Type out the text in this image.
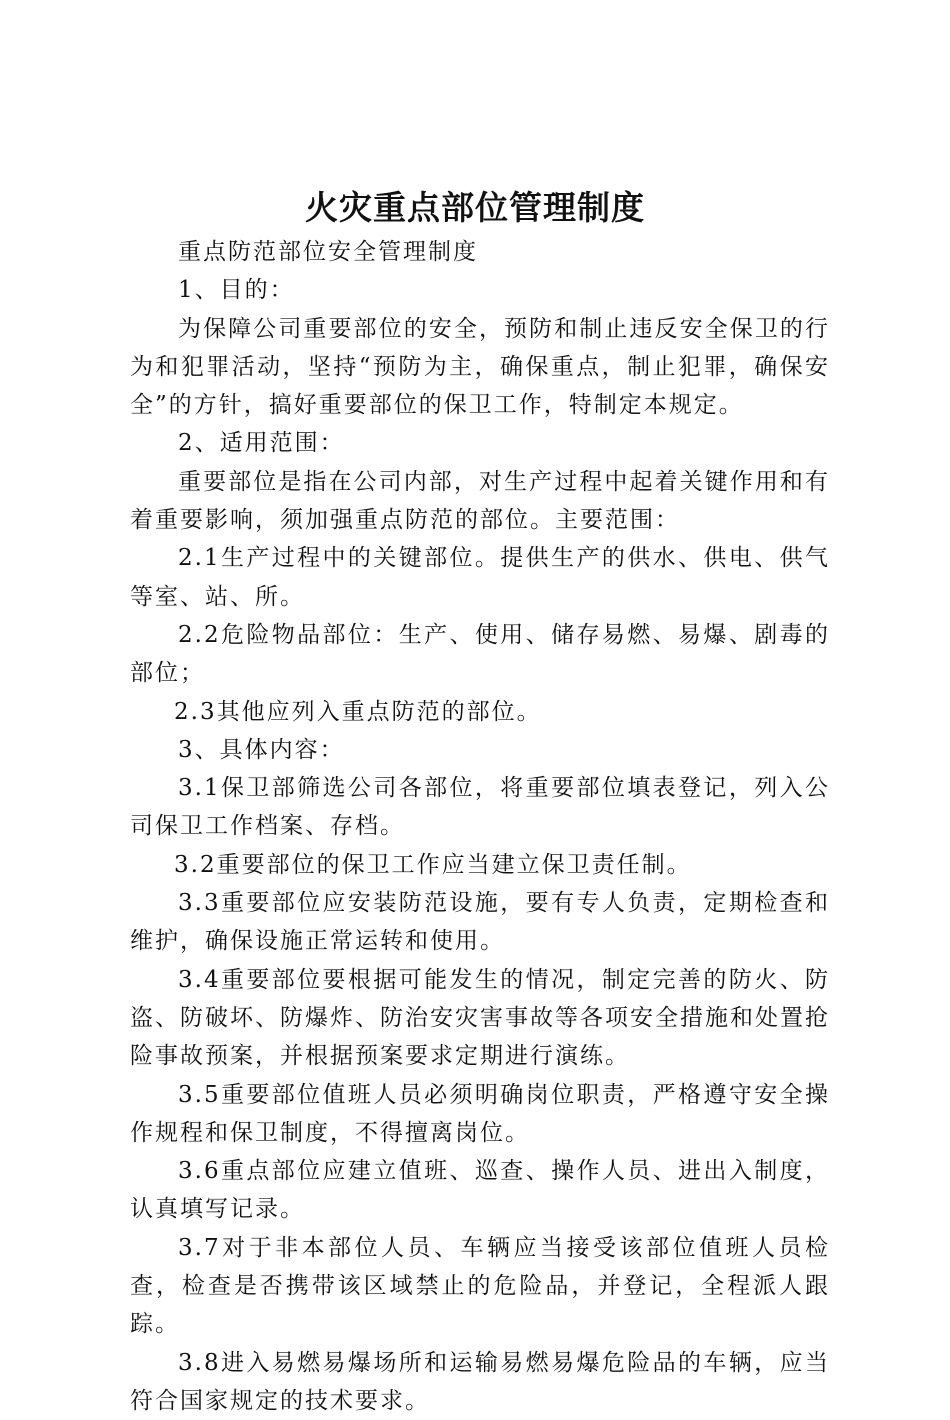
火灾重点部位管理制度

重点防范部位安全管理制度

1、目的：

为保障公司重要部位的安全，预防和制止违反安全保卫的行为和犯罪活动，坚持“预防为主，确保重点，制止犯罪，确保安全”的方针，搞好重要部位的保卫工作，特制定本规定。

2、适用范围：

重要部位是指在公司内部，对生产过程中起着关键作用和有着重要影响，须加强重点防范的部位。主要范围：

2.1生产过程中的关键部位。提供生产的供水、供电、供气等室、站、所。

2.2危险物品部位：生产、使用、储存易燃、易爆、剧毒的部位；

2.3其他应列入重点防范的部位。

3、具体内容：

3.1保卫部筛选公司各部位，将重要部位填表登记，列入公司保卫工作档案、存档。

3.2重要部位的保卫工作应当建立保卫责任制。

3.3重要部位应安装防范设施，要有专人负责，定期检查和维护，确保设施正常运转和使用。

3.4重要部位要根据可能发生的情况，制定完善的防火、防盗、防破坏、防爆炸、防治安灾害事故等各项安全措施和处置抢险事故预案，并根据预案要求定期进行演练。

3.5重要部位值班人员必须明确岗位职责，严格遵守安全操作规程和保卫制度，不得擅离岗位。

3.6重点部位应建立值班、巡查、操作人员、进出入制度，认真填写记录。

3.7对于非本部位人员、车辆应当接受该部位值班人员检查，检查是否携带该区域禁止的危险品，并登记，全程派人跟踪。

3.8进入易燃易爆场所和运输易燃易爆危险品的车辆，应当符合国家规定的技术要求。
